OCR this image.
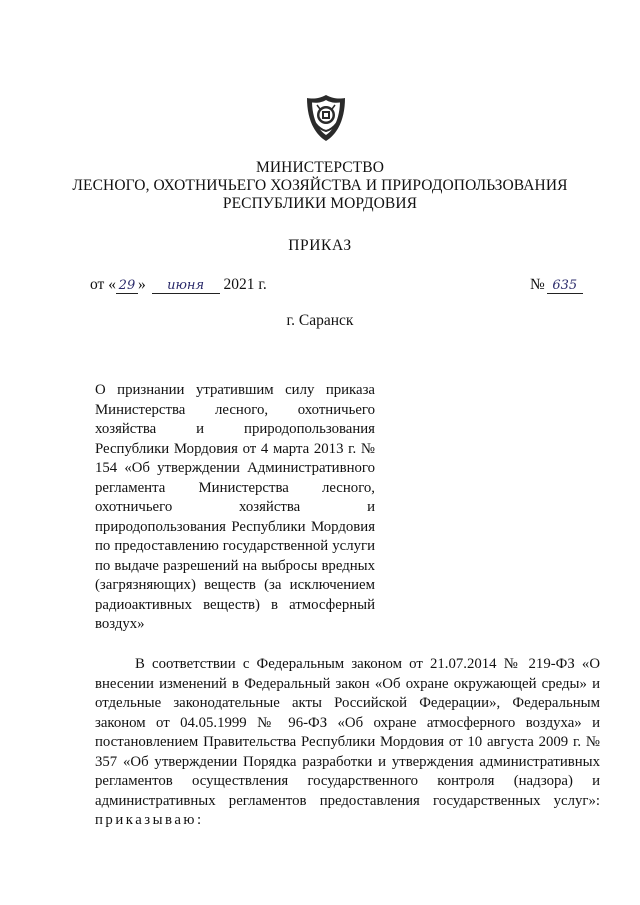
МИНИСТЕРСТВО
ЛЕСНОГО, ОХОТНИЧЬЕГО ХОЗЯЙСТВА И ПРИРОДОПОЛЬЗОВАНИЯ
РЕСПУБЛИКИ МОРДОВИЯ
ПРИКАЗ
от « 29 » июня 2021 г.	№ 635
г. Саранск
О признании утратившим силу приказа Министерства лесного, охотничьего хозяйства и природопользования Республики Мордовия от 4 марта 2013 г. № 154 «Об утверждении Административного регламента Министерства лесного, охотничьего хозяйства и природопользования Республики Мордовия по предоставлению государственной услуги по выдаче разрешений на выбросы вредных (загрязняющих) веществ (за исключением радиоактивных веществ) в атмосферный воздух»
В соответствии с Федеральным законом от 21.07.2014 № 219-ФЗ «О внесении изменений в Федеральный закон «Об охране окружающей среды» и отдельные законодательные акты Российской Федерации», Федеральным законом от 04.05.1999 № 96-ФЗ «Об охране атмосферного воздуха» и постановлением Правительства Республики Мордовия от 10 августа 2009 г. № 357 «Об утверждении Порядка разработки и утверждения административных регламентов осуществления государственного контроля (надзора) и административных регламентов предоставления государственных услуг»: приказываю:
